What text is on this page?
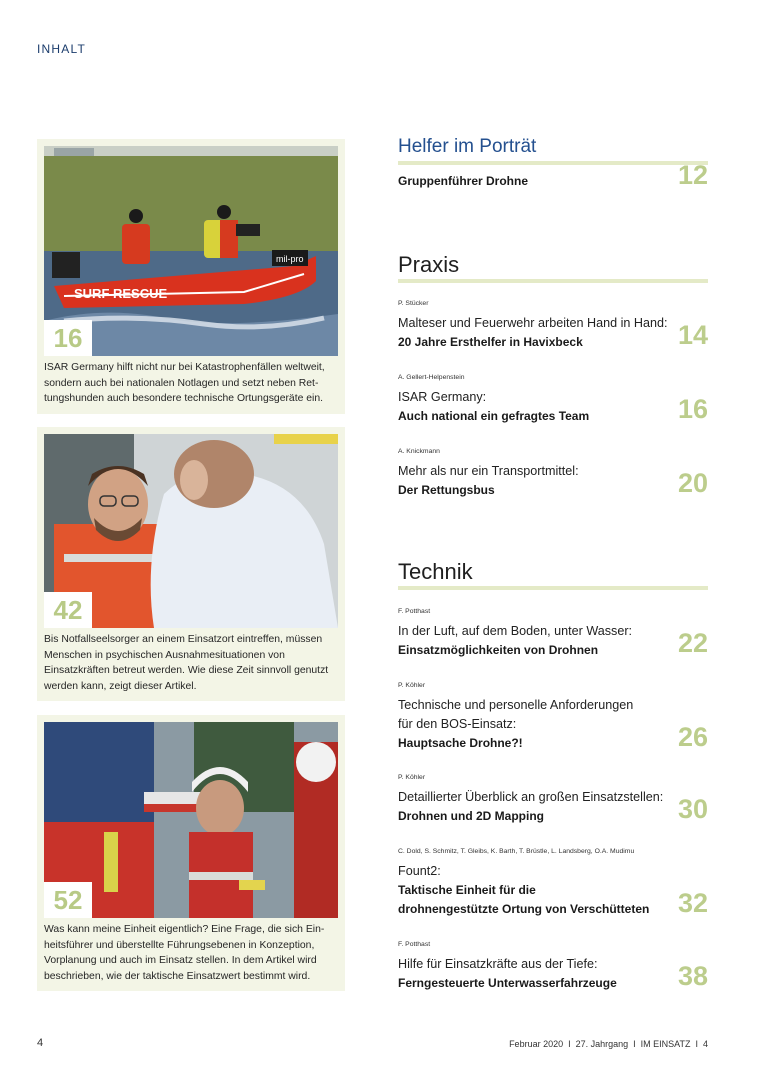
INHALT
SURF RESCUE
mil-pro
16
ISAR Germany hilft nicht nur bei Katastrophenfällen weltweit, sondern auch bei nationalen Notlagen und setzt neben Rettungshunden auch besondere technische Ortungsgeräte ein.
42
Bis Notfallseelsorger an einem Einsatzort eintreffen, müssen Menschen in psychischen Ausnahmesituationen von Einsatzkräften betreut werden. Wie diese Zeit sinnvoll genutzt werden kann, zeigt dieser Artikel.
52
Was kann meine Einheit eigentlich? Eine Frage, die sich Einheitsführer und überstellte Führungsebenen in Konzeption, Vorplanung und auch im Einsatz stellen. In dem Artikel wird beschrieben, wie der taktische Einsatzwert bestimmt wird.
Helfer im Porträt
Praxis
Technik
Gruppenführer Drohne	12
P. Stücker
Malteser und Feuerwehr arbeiten Hand in Hand:
20 Jahre Ersthelfer in Havixbeck	14
A. Gellert-Helpenstein
ISAR Germany:
Auch national ein gefragtes Team	16
A. Knickmann
Mehr als nur ein Transportmittel:
Der Rettungsbus	20
F. Potthast
In der Luft, auf dem Boden, unter Wasser:
Einsatzmöglichkeiten von Drohnen	22
P. Köhler
Technische und personelle Anforderungen
für den BOS-Einsatz:
Hauptsache Drohne?!	26
P. Köhler
Detaillierter Überblick an großen Einsatzstellen:
Drohnen und 2D Mapping	30
C. Dold, S. Schmitz, T. Gleibs, K. Barth, T. Brüstle, L. Landsberg, O.A. Mudimu
Fount2:
Taktische Einheit für die
drohnengestützte Ortung von Verschütteten	32
F. Potthast
Hilfe für Einsatzkräfte aus der Tiefe:
Ferngesteuerte Unterwasserfahrzeuge	38
4	Februar 2020  I  27. Jahrgang  I  IM EINSATZ  I  4
